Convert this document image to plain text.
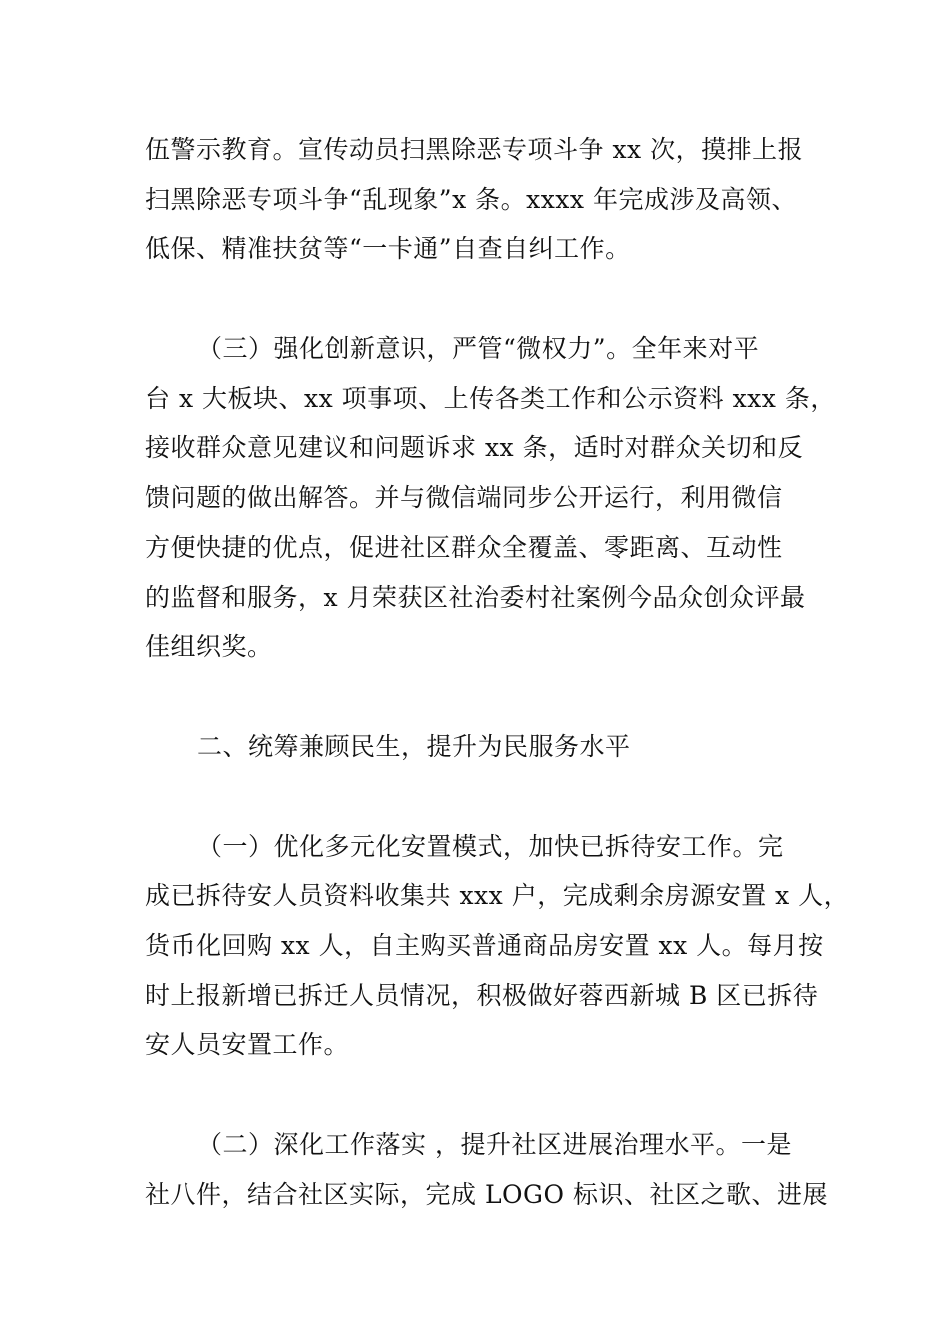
伍警示教育。宣传动员扫黑除恶专项斗争 xx 次，摸排上报
扫黑除恶专项斗争“乱现象”x 条。xxxx 年完成涉及高领、
低保、精准扶贫等“一卡通”自查自纠工作。
（三）强化创新意识，严管“微权力”。全年来对平
台 x 大板块、xx 项事项、上传各类工作和公示资料 xxx 条，
接收群众意见建议和问题诉求 xx 条，适时对群众关切和反
馈问题的做出解答。并与微信端同步公开运行，利用微信
方便快捷的优点，促进社区群众全覆盖、零距离、互动性
的监督和服务，x 月荣获区社治委村社案例今品众创众评最
佳组织奖。
二、统筹兼顾民生，提升为民服务水平
（一）优化多元化安置模式，加快已拆待安工作。完
成已拆待安人员资料收集共 xxx 户，完成剩余房源安置 x 人，
货币化回购 xx 人，自主购买普通商品房安置 xx 人。每月按
时上报新增已拆迁人员情况，积极做好蓉西新城 B 区已拆待
安人员安置工作。
（二）深化工作落实 ，提升社区进展治理水平。一是
社八件，结合社区实际，完成 LOGO 标识、社区之歌、进展
